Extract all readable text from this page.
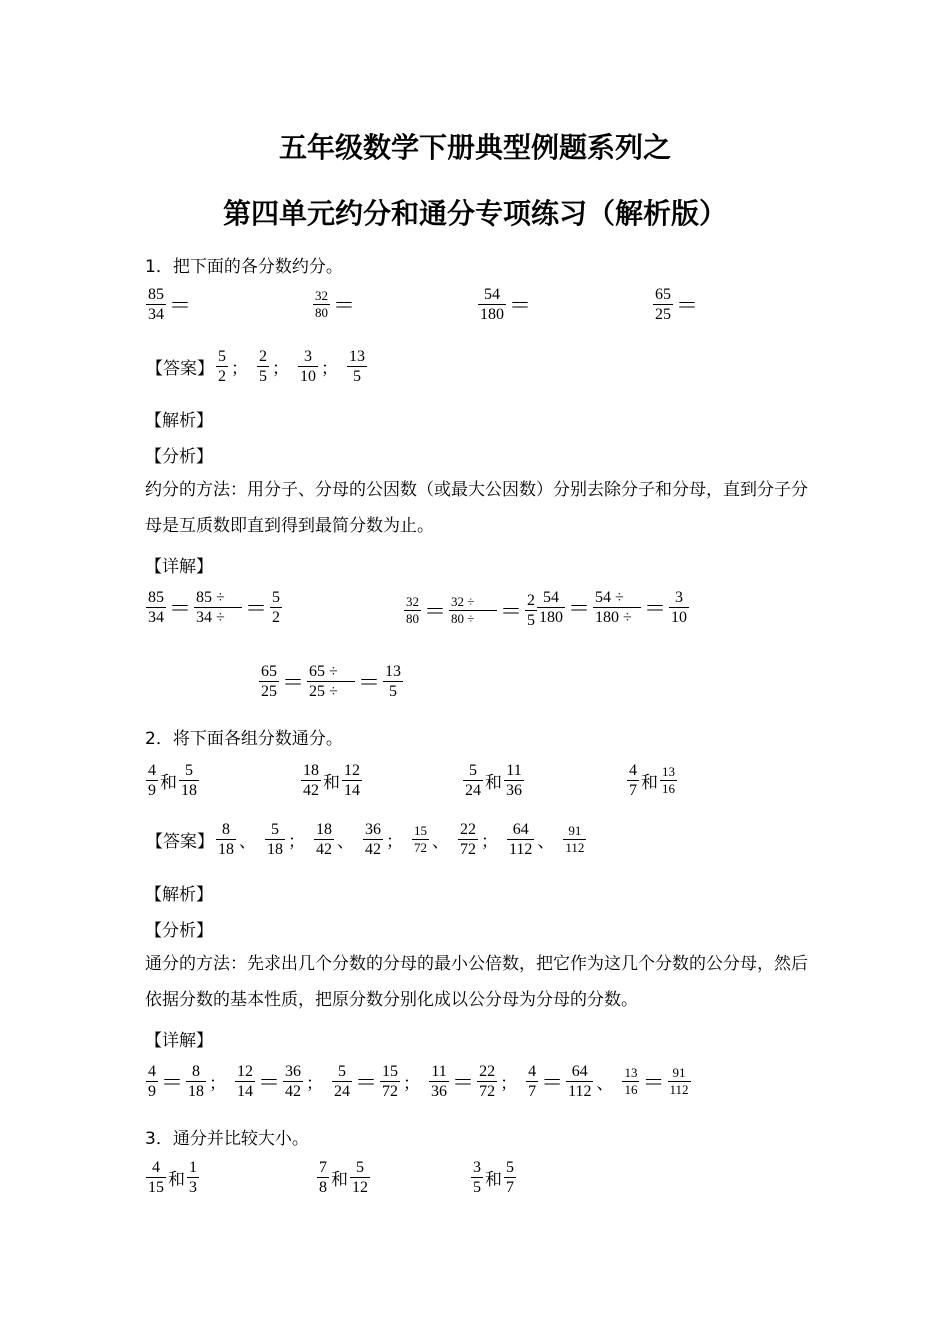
五年级数学下册典型例题系列之
第四单元约分和通分专项练习（解析版）
1．把下面的各分数约分。
$\frac{85}{34}$ ＝	$\frac{32}{80}$ ＝	$\frac{54}{180}$ ＝	$\frac{65}{25}$ ＝
【答案】 $\frac{5}{2}$ ； $\frac{2}{5}$ ； $\frac{3}{10}$ ； $\frac{13}{5}$
【解析】
【分析】
约分的方法：用分子、分母的公因数（或最大公因数）分别去除分子和分母，直到分子分母是互质数即直到得到最简分数为止。
【详解】
$\frac{85}{34} = \frac{85 \div}{34 \div} = \frac{5}{2}$	$\frac{32}{80} = \frac{32 \div}{80 \div} = \frac{2}{5} \frac{54}{180} = \frac{54 \div}{180 \div} = \frac{3}{10}$
$\frac{65}{25} = \frac{65 \div}{25 \div} = \frac{13}{5}$
2．将下面各组分数通分。
$\frac{4}{9}$ 和 $\frac{5}{18}$	$\frac{18}{42}$ 和 $\frac{12}{14}$	$\frac{5}{24}$ 和 $\frac{11}{36}$	$\frac{4}{7}$ 和 $\frac{13}{16}$
【答案】 $\frac{8}{18}$ 、 $\frac{5}{18}$ ； $\frac{18}{42}$ 、 $\frac{36}{42}$ ； $\frac{15}{72}$ 、 $\frac{22}{72}$ ； $\frac{64}{112}$ 、 $\frac{91}{112}$
【解析】
【分析】
通分的方法：先求出几个分数的分母的最小公倍数，把它作为这几个分数的公分母，然后依据分数的基本性质，把原分数分别化成以公分母为分母的分数。
【详解】
$\frac{4}{9} = \frac{8}{18}$ ； $\frac{12}{14} = \frac{36}{42}$ ； $\frac{5}{24} = \frac{15}{72}$ ； $\frac{11}{36} = \frac{22}{72}$ ； $\frac{4}{7} = \frac{64}{112}$ 、 $\frac{13}{16} = \frac{91}{112}$
3．通分并比较大小。
$\frac{4}{15}$ 和 $\frac{1}{3}$	$\frac{7}{8}$ 和 $\frac{5}{12}$	$\frac{3}{5}$ 和 $\frac{5}{7}$
